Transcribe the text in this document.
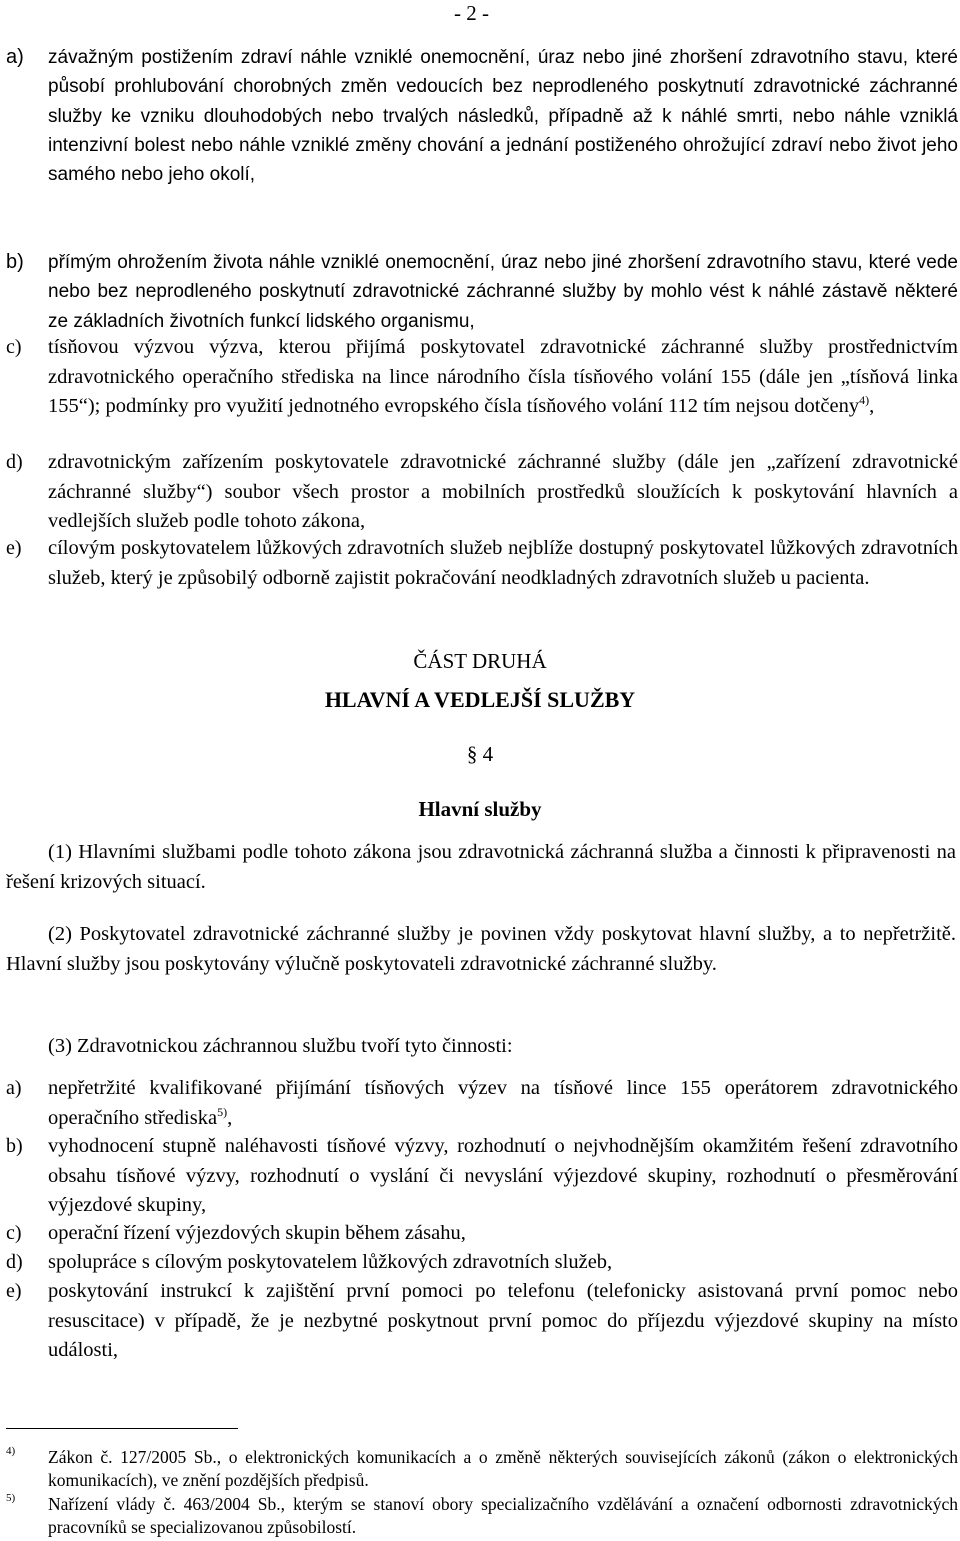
- 2 -
a) závažným postižením zdraví náhle vzniklé onemocnění, úraz nebo jiné zhoršení zdravotního stavu, které působí prohlubování chorobných změn vedoucích bez neprodleného poskytnutí zdravotnické záchranné služby ke vzniku dlouhodobých nebo trvalých následků, případně až k náhlé smrti, nebo náhle vzniklá intenzivní bolest nebo náhle vzniklé změny chování a jednání postiženého ohrožující zdraví nebo život jeho samého nebo jeho okolí,
b) přímým ohrožením života náhle vzniklé onemocnění, úraz nebo jiné zhoršení zdravotního stavu, které vede nebo bez neprodleného poskytnutí zdravotnické záchranné služby by mohlo vést k náhlé zástavě některé ze základních životních funkcí lidského organismu,
c) tísňovou výzvou výzva, kterou přijímá poskytovatel zdravotnické záchranné služby prostřednictvím zdravotnického operačního střediska na lince národního čísla tísňového volání 155 (dále jen „tísňová linka 155“); podmínky pro využití jednotného evropského čísla tísňového volání 112 tím nejsou dotčeny$^{4)}$,
d) zdravotnickým zařízením poskytovatele zdravotnické záchranné služby (dále jen „zařízení zdravotnické záchranné služby“) soubor všech prostor a mobilních prostředků sloužících k poskytování hlavních a vedlejších služeb podle tohoto zákona,
e) cílovým poskytovatelem lůžkových zdravotních služeb nejblíže dostupný poskytovatel lůžkových zdravotních služeb, který je způsobilý odborně zajistit pokračování neodkladných zdravotních služeb u pacienta.
ČÁST DRUHÁ
HLAVNÍ A VEDLEJŠÍ SLUŽBY
§ 4
Hlavní služby
(1) Hlavními službami podle tohoto zákona jsou zdravotnická záchranná služba a činnosti k připravenosti na řešení krizových situací.
(2) Poskytovatel zdravotnické záchranné služby je povinen vždy poskytovat hlavní služby, a to nepřetržitě. Hlavní služby jsou poskytovány výlučně poskytovateli zdravotnické záchranné služby.
(3) Zdravotnickou záchrannou službu tvoří tyto činnosti:
a) nepřetržité kvalifikované přijímání tísňových výzev na tísňové lince 155 operátorem zdravotnického operačního střediska$^{5)}$,
b) vyhodnocení stupně naléhavosti tísňové výzvy, rozhodnutí o nejvhodnějším okamžitém řešení zdravotního obsahu tísňové výzvy, rozhodnutí o vyslání či nevyslání výjezdové skupiny, rozhodnutí o přesměrování výjezdové skupiny,
c) operační řízení výjezdových skupin během zásahu,
d) spolupráce s cílovým poskytovatelem lůžkových zdravotních služeb,
e) poskytování instrukcí k zajištění první pomoci po telefonu (telefonicky asistovaná první pomoc nebo resuscitace) v případě, že je nezbytné poskytnout první pomoc do příjezdu výjezdové skupiny na místo události,
4) Zákon č. 127/2005 Sb., o elektronických komunikacích a o změně některých souvisejících zákonů (zákon o elektronických komunikacích), ve znění pozdějších předpisů.
5) Nařízení vlády č. 463/2004 Sb., kterým se stanoví obory specializačního vzdělávání a označení odbornosti zdravotnických pracovníků se specializovanou způsobilostí.
